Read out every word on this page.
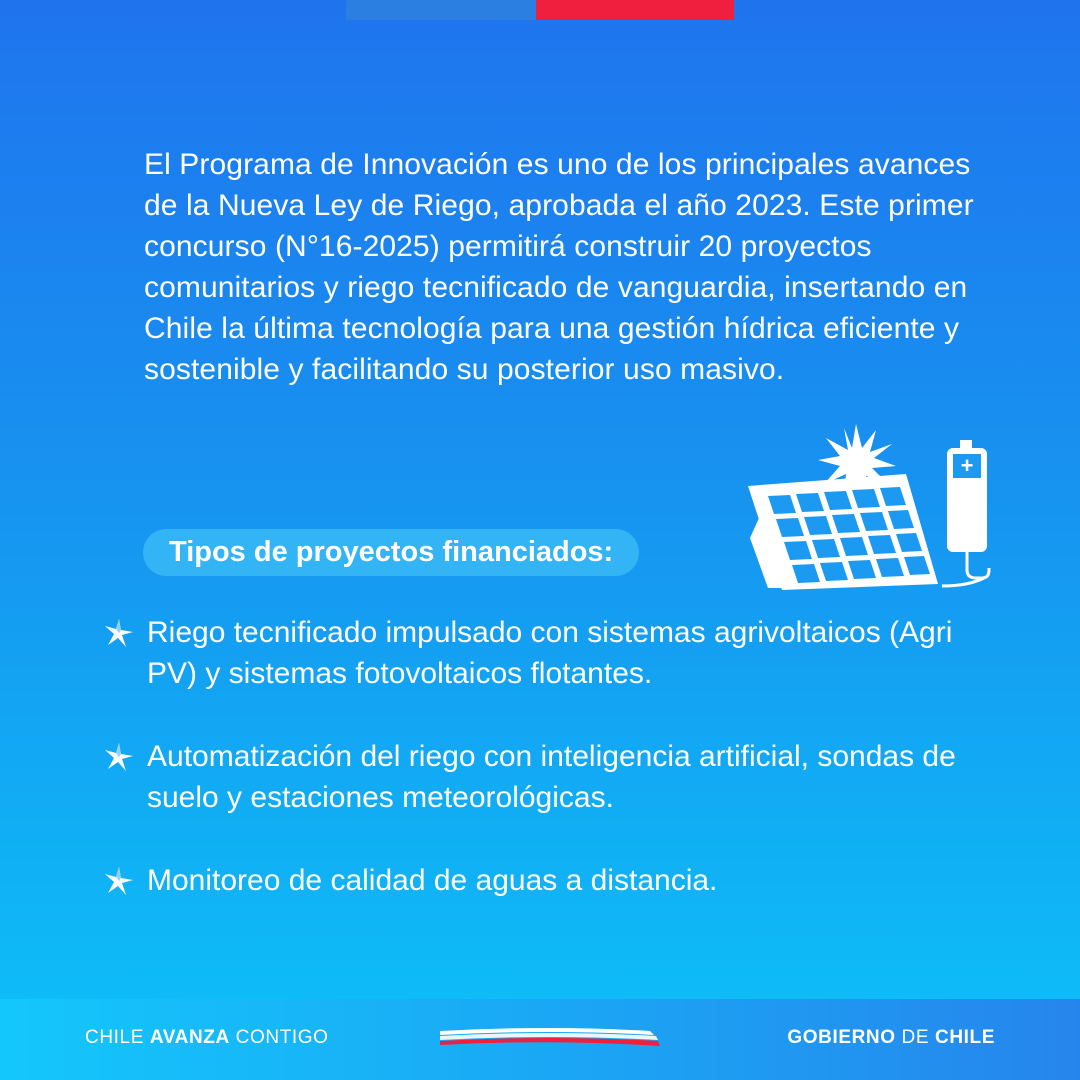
El Programa de Innovación es uno de los principales avances de la Nueva Ley de Riego, aprobada el año 2023. Este primer concurso (N°16-2025) permitirá construir 20 proyectos comunitarios y riego tecnificado de vanguardia, insertando en Chile la última tecnología para una gestión hídrica eficiente y sostenible y facilitando su posterior uso masivo.

+
Tipos de proyectos financiados:
Riego tecnificado impulsado con sistemas agrivoltaicos (Agri PV) y sistemas fotovoltaicos flotantes.
Automatización del riego con inteligencia artificial, sondas de suelo y estaciones meteorológicas.
Monitoreo de calidad de aguas a distancia.
CHILE AVANZA CONTIGO	GOBIERNO DE CHILE
